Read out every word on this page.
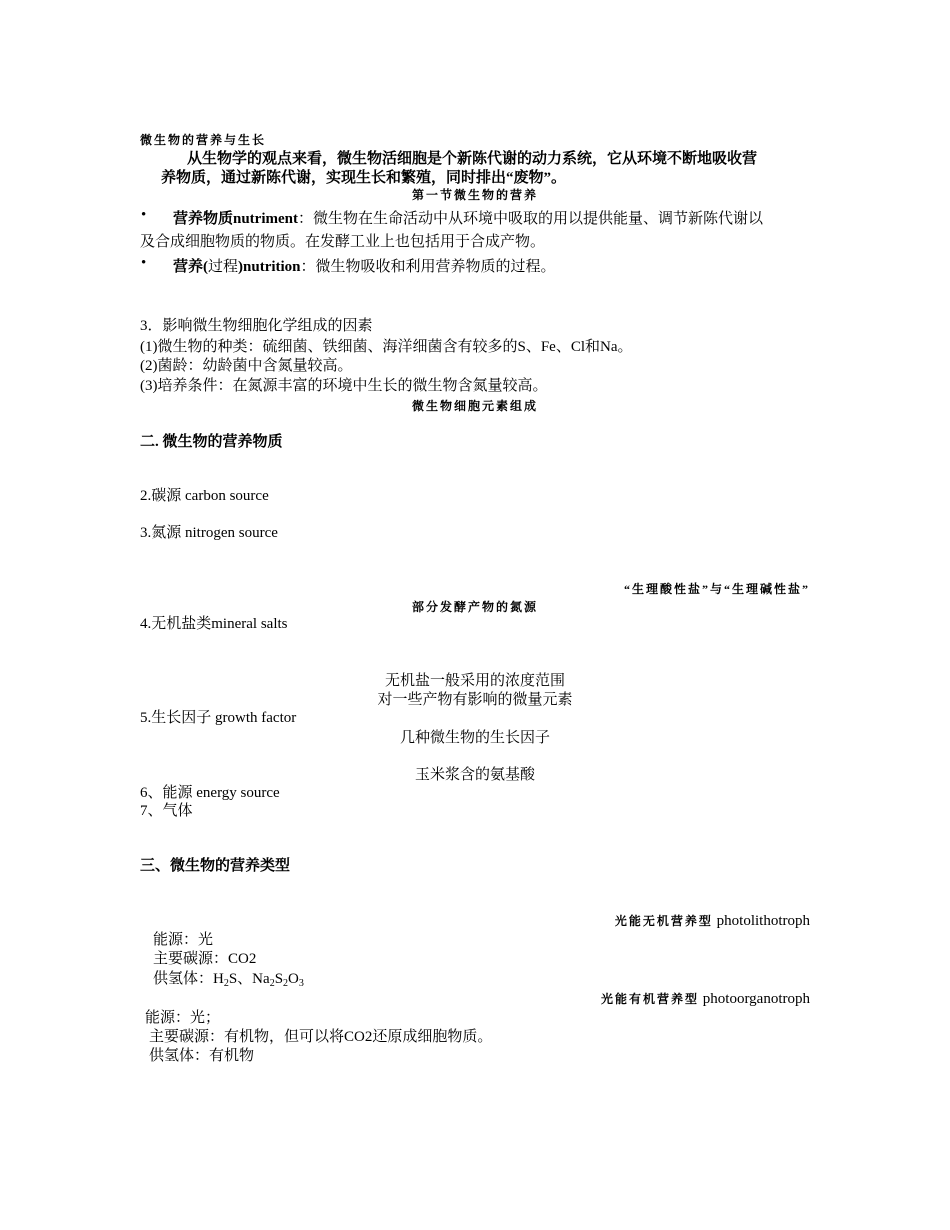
微生物的营养与生长
从生物学的观点来看，微生物活细胞是个新陈代谢的动力系统，它从环境不断地吸收营
养物质，通过新陈代谢，实现生长和繁殖，同时排出“废物”。
第一节微生物的营养
• 营养物质nutriment：微生物在生命活动中从环境中吸取的用以提供能量、调节新陈代谢以
及合成细胞物质的物质。在发酵工业上也包括用于合成产物。
• 营养(过程)nutrition：微生物吸收和利用营养物质的过程。
3．影响微生物细胞化学组成的因素
(1)微生物的种类：硫细菌、铁细菌、海洋细菌含有较多的S、Fe、Cl和Na。
(2)菌龄：幼龄菌中含氮量较高。
(3)培养条件：在氮源丰富的环境中生长的微生物含氮量较高。
微生物细胞元素组成
二. 微生物的营养物质
2.碳源 carbon source
3.氮源 nitrogen source
“生理酸性盐”与“生理碱性盐”
部分发酵产物的氮源
4.无机盐类mineral salts
无机盐一般采用的浓度范围
对一些产物有影响的微量元素
5.生长因子 growth factor
几种微生物的生长因子
玉米浆含的氨基酸
6、能源 energy source
7、气体
三、微生物的营养类型
光能无机营养型 photolithotroph
能源：光
主要碳源：CO2
供氢体：$H_2S$、$Na_2S_2O_3$
光能有机营养型 photoorganotroph
能源：光；
主要碳源：有机物，但可以将CO2还原成细胞物质。
供氢体：有机物
